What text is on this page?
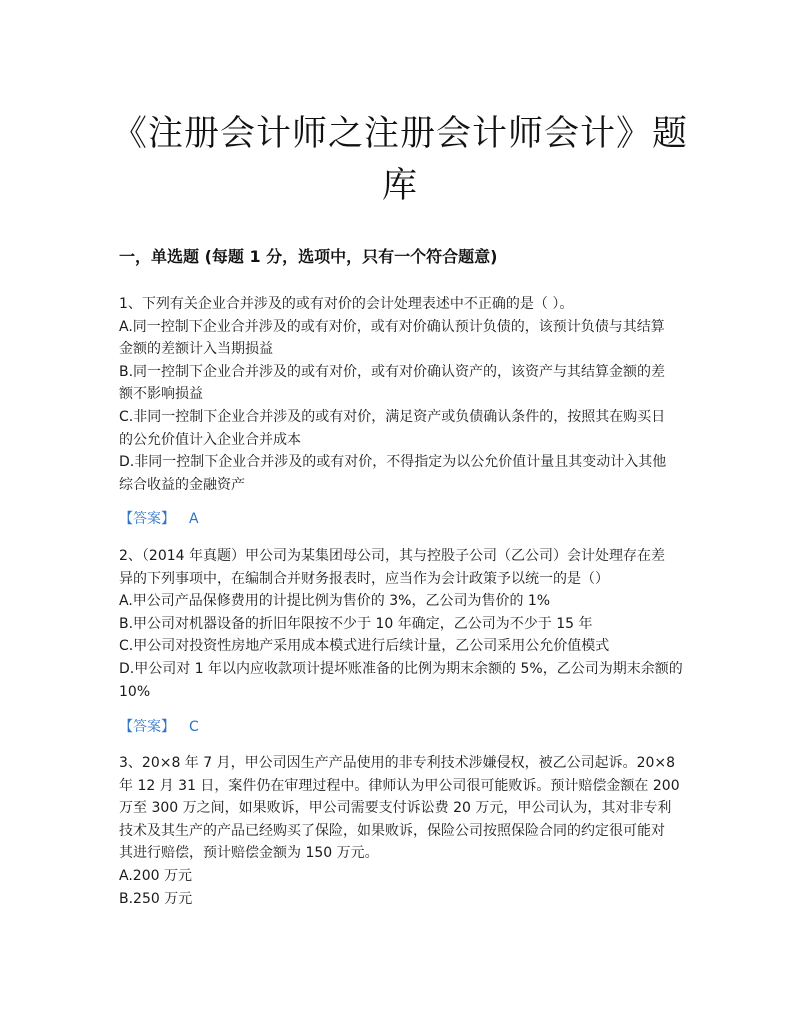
《注册会计师之注册会计师会计》题
库
一，单选题 (每题 1 分，选项中，只有一个符合题意)
1、下列有关企业合并涉及的或有对价的会计处理表述中不正确的是（ ）。
A.同一控制下企业合并涉及的或有对价，或有对价确认预计负债的，该预计负债与其结算
金额的差额计入当期损益
B.同一控制下企业合并涉及的或有对价，或有对价确认资产的，该资产与其结算金额的差
额不影响损益
C.非同一控制下企业合并涉及的或有对价，满足资产或负债确认条件的，按照其在购买日
的公允价值计入企业合并成本
D.非同一控制下企业合并涉及的或有对价，不得指定为以公允价值计量且其变动计入其他
综合收益的金融资产
【答案】 A
2、（2014 年真题）甲公司为某集团母公司，其与控股子公司（乙公司）会计处理存在差
异的下列事项中，在编制合并财务报表时，应当作为会计政策予以统一的是（）
A.甲公司产品保修费用的计提比例为售价的 3%，乙公司为售价的 1%
B.甲公司对机器设备的折旧年限按不少于 10 年确定，乙公司为不少于 15 年
C.甲公司对投资性房地产采用成本模式进行后续计量，乙公司采用公允价值模式
D.甲公司对 1 年以内应收款项计提坏账准备的比例为期末余额的 5%，乙公司为期末余额的
10%
【答案】 C
3、20×8 年 7 月，甲公司因生产产品使用的非专利技术涉嫌侵权，被乙公司起诉。20×8
年 12 月 31 日，案件仍在审理过程中。律师认为甲公司很可能败诉。预计赔偿金额在 200
万至 300 万之间，如果败诉，甲公司需要支付诉讼费 20 万元，甲公司认为，其对非专利
技术及其生产的产品已经购买了保险，如果败诉，保险公司按照保险合同的约定很可能对
其进行赔偿，预计赔偿金额为 150 万元。
A.200 万元
B.250 万元
